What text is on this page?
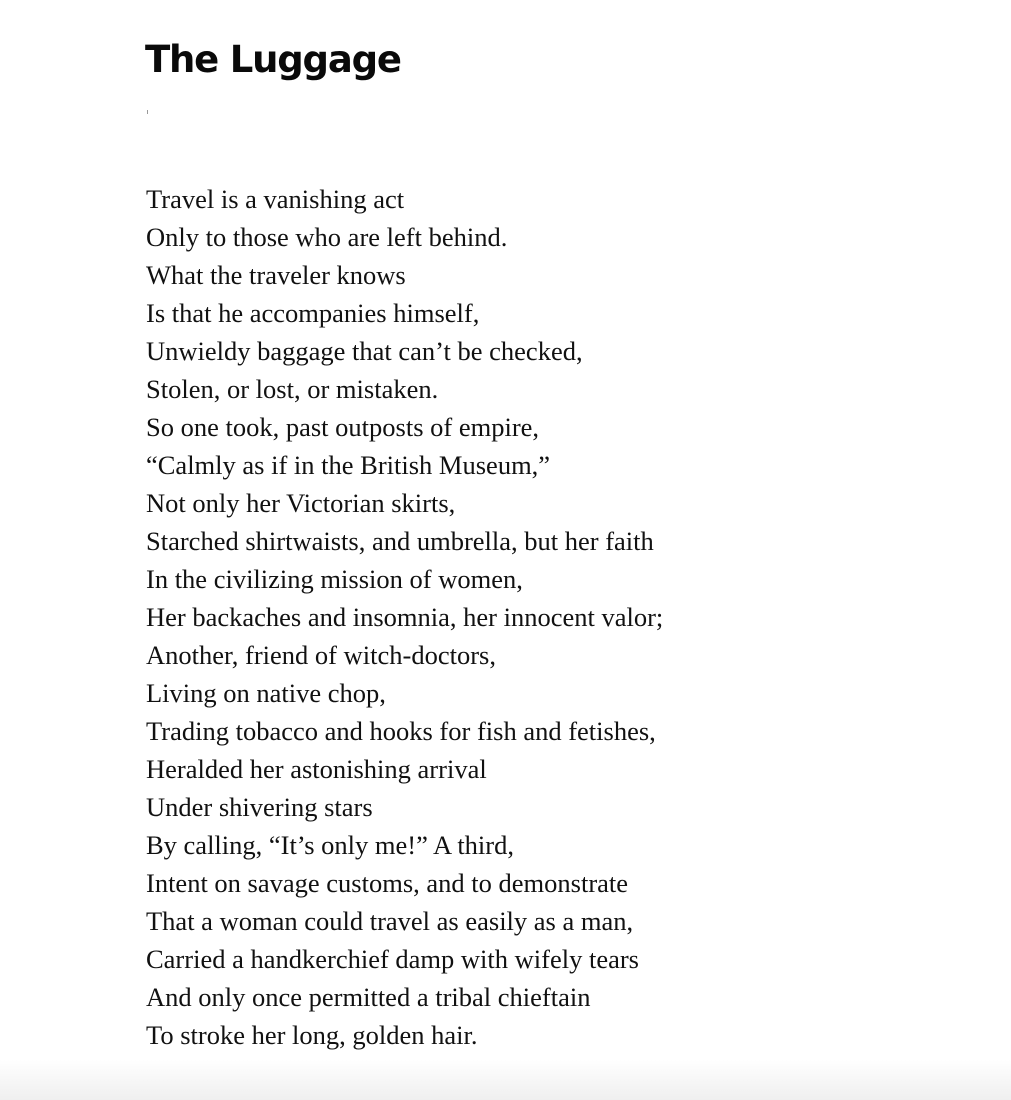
The Luggage
Travel is a vanishing act
Only to those who are left behind.
What the traveler knows
Is that he accompanies himself,
Unwieldy baggage that can’t be checked,
Stolen, or lost, or mistaken.
So one took, past outposts of empire,
“Calmly as if in the British Museum,”
Not only her Victorian skirts,
Starched shirtwaists, and umbrella, but her faith
In the civilizing mission of women,
Her backaches and insomnia, her innocent valor;
Another, friend of witch-doctors,
Living on native chop,
Trading tobacco and hooks for fish and fetishes,
Heralded her astonishing arrival
Under shivering stars
By calling, “It’s only me!” A third,
Intent on savage customs, and to demonstrate
That a woman could travel as easily as a man,
Carried a handkerchief damp with wifely tears
And only once permitted a tribal chieftain
To stroke her long, golden hair.
